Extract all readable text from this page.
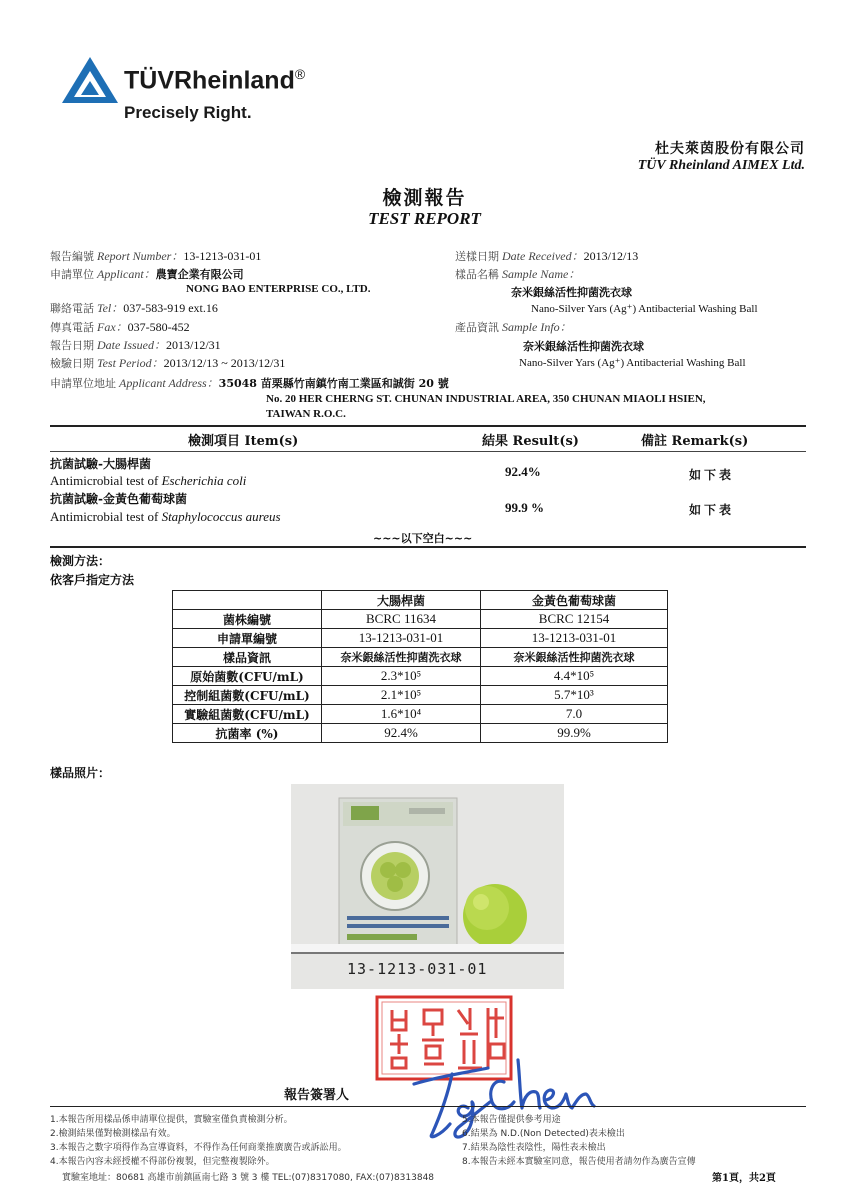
TÜVRheinland®
Precisely Right.
杜夫萊茵股份有限公司
TÜV Rheinland AIMEX Ltd.
檢測報告
TEST REPORT
報告編號 Report Number：13-1213-031-01
申請單位 Applicant：農寶企業有限公司
NONG BAO ENTERPRISE CO., LTD.
聯絡電話 Tel：037-583-919 ext.16
傳真電話 Fax：037-580-452
報告日期 Date Issued：2013/12/31
檢驗日期 Test Period：2013/12/13 ~ 2013/12/31
申請單位地址 Applicant Address：35048 苗栗縣竹南鎮竹南工業區和誠街 20 號
No. 20 HER CHERNG ST. CHUNAN INDUSTRIAL AREA, 350 CHUNAN MIAOLI HSIEN,
TAIWAN R.O.C.
送樣日期 Date Received：2013/12/13
樣品名稱 Sample Name：
奈米銀絲活性抑菌洗衣球
Nano-Silver Yars (Ag⁺) Antibacterial Washing Ball
產品資訊 Sample Info：
奈米銀絲活性抑菌洗衣球
Nano-Silver Yars (Ag⁺) Antibacterial Washing Ball
檢測項目 Item(s)	結果 Result(s)	備註 Remark(s)
抗菌試驗-大腸桿菌
Antimicrobial test of Escherichia coli
92.4%	如下表
抗菌試驗-金黃色葡萄球菌
Antimicrobial test of Staphylococcus aureus
99.9 %	如下表
~~~以下空白~~~
檢測方法：
依客戶指定方法
	大腸桿菌	金黃色葡萄球菌
菌株編號	BCRC 11634	BCRC 12154
申請單編號	13-1213-031-01	13-1213-031-01
樣品資訊	奈米銀絲活性抑菌洗衣球	奈米銀絲活性抑菌洗衣球
原始菌數(CFU/mL)	2.3*10⁵	4.4*10⁵
控制組菌數(CFU/mL)	2.1*10⁵	5.7*10³
實驗組菌數(CFU/mL)	1.6*10⁴	7.0
抗菌率 (%)	92.4%	99.9%
樣品照片：
13-1213-031-01
報告簽署人
1.本報告所用樣品係申請單位提供，實驗室僅負責檢測分析。
2.檢測結果僅對檢測樣品有效。
3.本報告之數字項得作為宣導資料，不得作為任何商業推廣廣告或訴訟用。
4.本報告內容未經授權不得部份複製，但完整複製除外。
5.本報告僅提供參考用途
6.結果為 N.D.(Non Detected)表未檢出
7.結果為陰性表陰性，陽性表未檢出
8.本報告未經本實驗室同意，報告使用者請勿作為廣告宣傳
實驗室地址：80681 高雄市前鎮區南七路 3 號 3 樓 TEL:(07)8317080, FAX:(07)8313848	第1頁，共2頁
